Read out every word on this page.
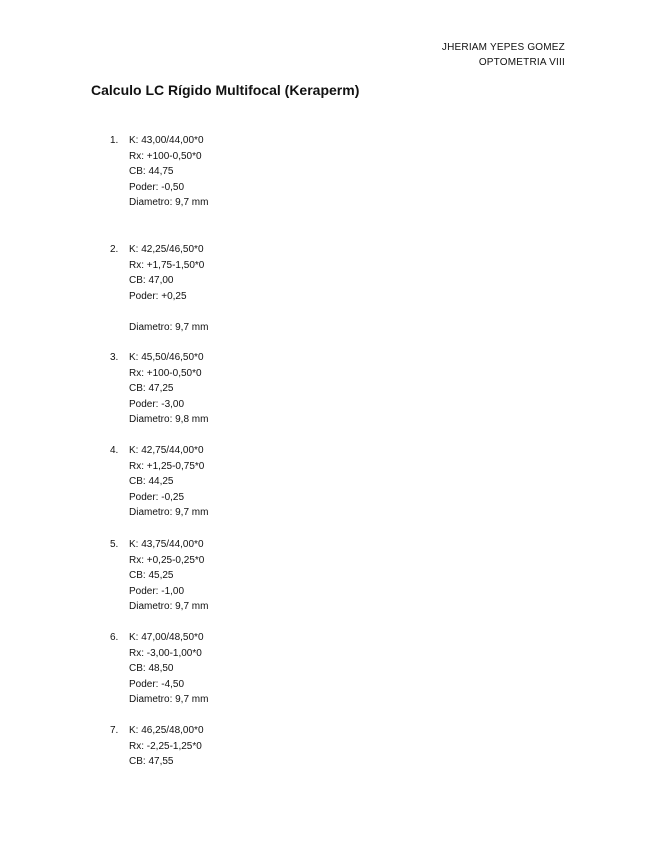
JHERIAM YEPES GOMEZ
OPTOMETRIA VIII
Calculo LC Rígido Multifocal (Keraperm)
1.	K: 43,00/44,00*0
Rx: +100-0,50*0
CB: 44,75
Poder: -0,50
Diametro: 9,7 mm
2.	K: 42,25/46,50*0
Rx: +1,75-1,50*0
CB: 47,00
Poder: +0,25
Diametro: 9,7 mm
3.	K: 45,50/46,50*0
Rx: +100-0,50*0
CB: 47,25
Poder: -3,00
Diametro: 9,8 mm
4.	K: 42,75/44,00*0
Rx: +1,25-0,75*0
CB: 44,25
Poder: -0,25
Diametro: 9,7 mm
5.	K: 43,75/44,00*0
Rx: +0,25-0,25*0
CB: 45,25
Poder: -1,00
Diametro: 9,7 mm
6.	K: 47,00/48,50*0
Rx: -3,00-1,00*0
CB: 48,50
Poder: -4,50
Diametro: 9,7 mm
7.	K: 46,25/48,00*0
Rx: -2,25-1,25*0
CB: 47,55
